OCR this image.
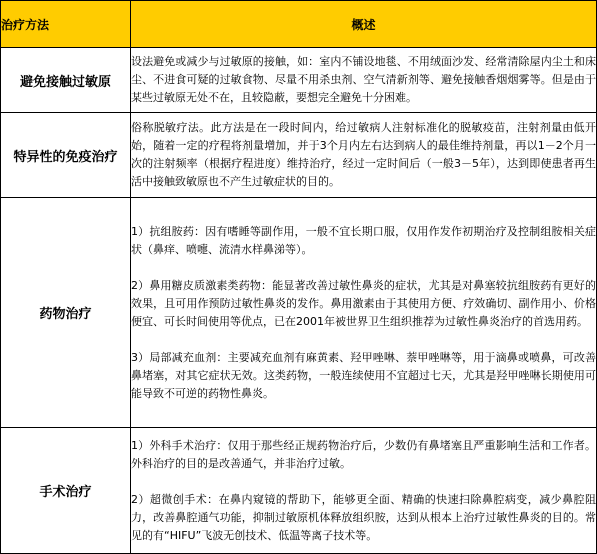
治疗方法	概述
避免接触过敏原	设法避免或减少与过敏原的接触，如：室内不铺设地毯、不用绒面沙发、经常清除屋内尘土和床尘、不进食可疑的过敏食物、尽量不用杀虫剂、空气清新剂等、避免接触香烟烟雾等。但是由于某些过敏原无处不在，且较隐蔽，要想完全避免十分困难。

特异性的免疫治疗	俗称脱敏疗法。此方法是在一段时间内，给过敏病人注射标准化的脱敏疫苗，注射剂量由低开始，随着一定的疗程将剂量增加，并于3个月内左右达到病人的最佳维持剂量，再以1－2个月一次的注射频率（根据疗程进度）维持治疗，经过一定时间后（一般3－5年），达到即使患者再生活中接触致敏原也不产生过敏症状的目的。

药物治疗	1）抗组胺药：因有嗜睡等副作用，一般不宜长期口服，仅用作发作初期治疗及控制组胺相关症状（鼻痒、喷嚏、流清水样鼻涕等）。

2）鼻用糖皮质激素类药物：能显著改善过敏性鼻炎的症状，尤其是对鼻塞较抗组胺药有更好的效果，且可用作预防过敏性鼻炎的发作。鼻用激素由于其使用方便、疗效确切、副作用小、价格便宜、可长时间使用等优点，已在2001年被世界卫生组织推荐为过敏性鼻炎治疗的首选用药。

3）局部减充血剂：主要减充血剂有麻黄素、羟甲唑啉、萘甲唑啉等，用于滴鼻或喷鼻，可改善鼻堵塞，对其它症状无效。这类药物，一般连续使用不宜超过七天，尤其是羟甲唑啉长期使用可能导致不可逆的药物性鼻炎。

手术治疗	1）外科手术治疗：仅用于那些经正规药物治疗后，少数仍有鼻堵塞且严重影响生活和工作者。外科治疗的目的是改善通气，并非治疗过敏。

2）超微创手术：在鼻内窥镜的帮助下，能够更全面、精确的快速扫除鼻腔病变，减少鼻腔阻力，改善鼻腔通气功能，抑制过敏原机体释放组织胺，达到从根本上治疗过敏性鼻炎的目的。常见的有“HIFU”飞波无创技术、低温等离子技术等。
